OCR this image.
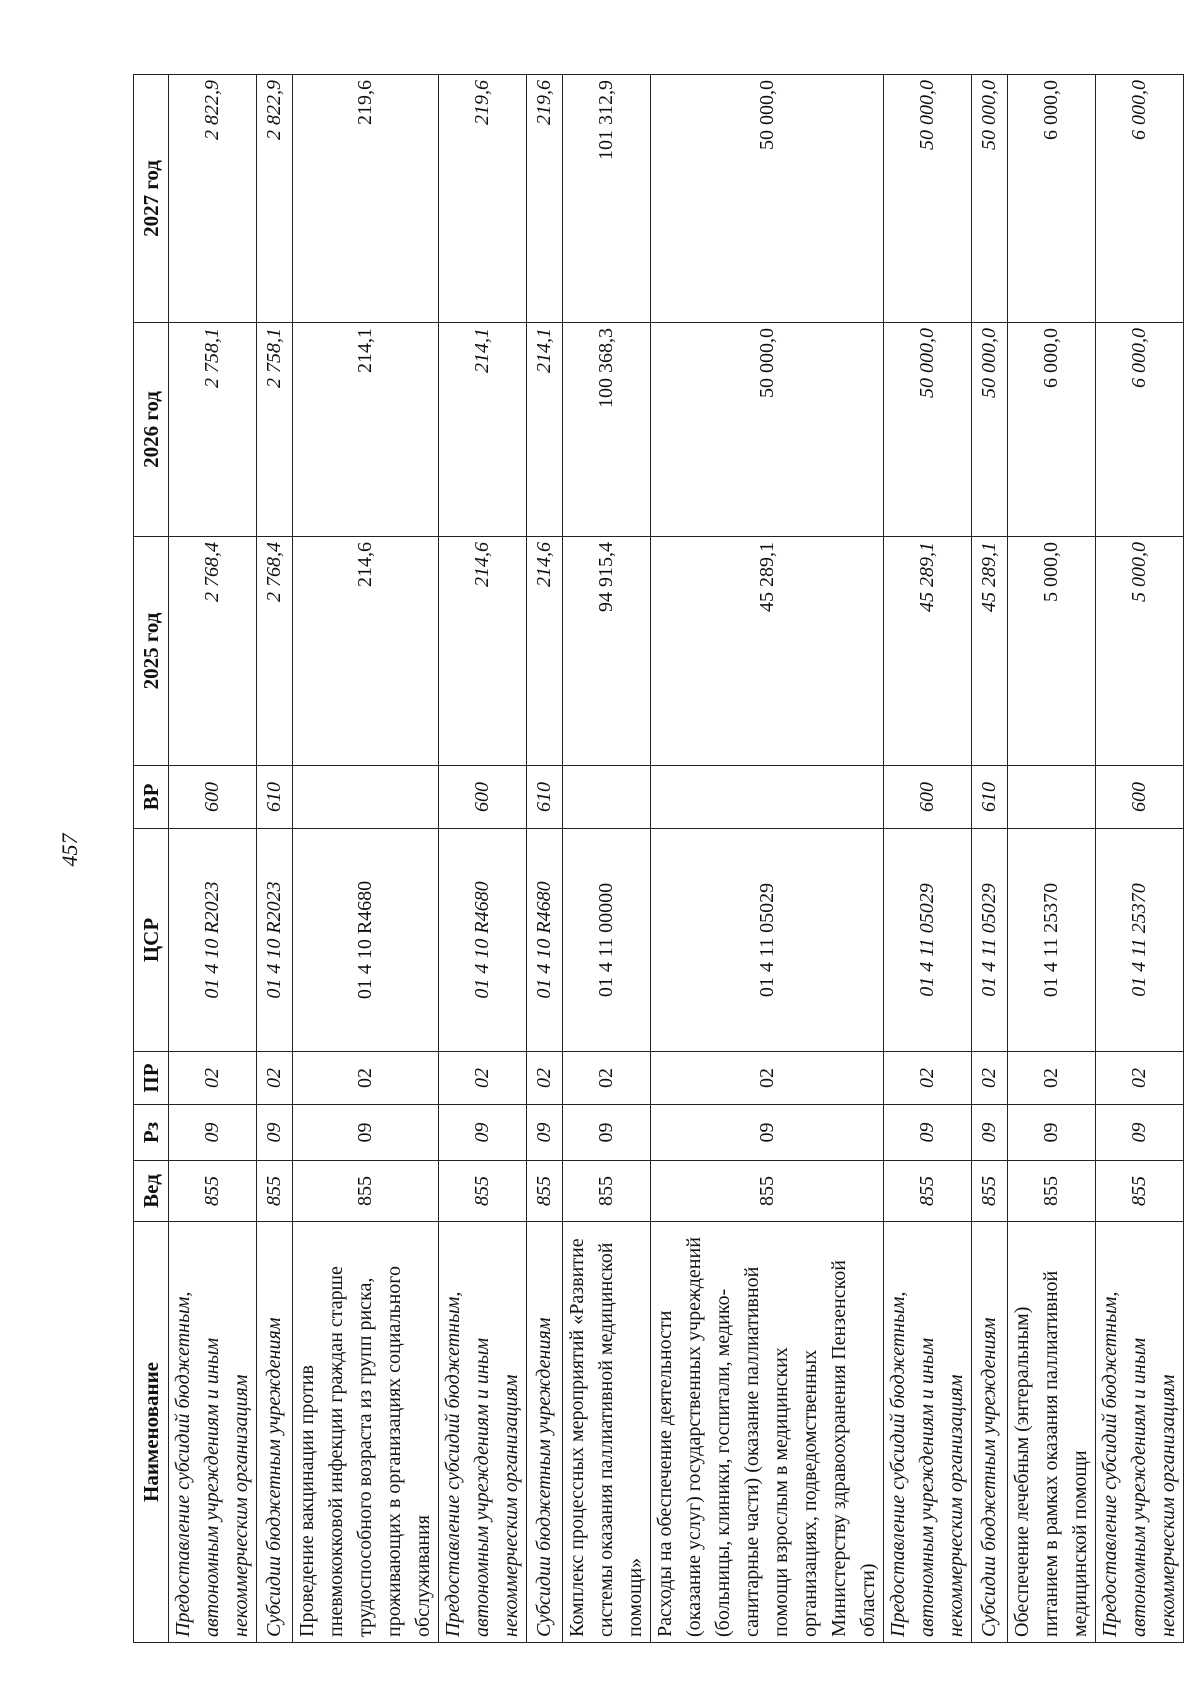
457
Наименование	Вед	Рз	ПР	ЦСР	ВР	2025 год	2026 год	2027 год
Предоставление субсидий бюджетным, автономным учреждениям и иным некоммерческим организациям	855	09	02	01 4 10 R2023	600	2 768,4	2 758,1	2 822,9
Субсидии бюджетным учреждениям	855	09	02	01 4 10 R2023	610	2 768,4	2 758,1	2 822,9
Проведение вакцинации против пневмококковой инфекции граждан старше трудоспособного возраста из групп риска, проживающих в организациях социального обслуживания	855	09	02	01 4 10 R4680		214,6	214,1	219,6
Предоставление субсидий бюджетным, автономным учреждениям и иным некоммерческим организациям	855	09	02	01 4 10 R4680	600	214,6	214,1	219,6
Субсидии бюджетным учреждениям	855	09	02	01 4 10 R4680	610	214,6	214,1	219,6
Комплекс процессных мероприятий «Развитие системы оказания паллиативной медицинской помощи»	855	09	02	01 4 11 00000		94 915,4	100 368,3	101 312,9
Расходы на обеспечение деятельности (оказание услуг) государственных учреждений (больницы, клиники, госпитали, медико-санитарные части) (оказание паллиативной помощи взрослым в медицинских организациях, подведомственных Министерству здравоохранения Пензенской области)	855	09	02	01 4 11 05029		45 289,1	50 000,0	50 000,0
Предоставление субсидий бюджетным, автономным учреждениям и иным некоммерческим организациям	855	09	02	01 4 11 05029	600	45 289,1	50 000,0	50 000,0
Субсидии бюджетным учреждениям	855	09	02	01 4 11 05029	610	45 289,1	50 000,0	50 000,0
Обеспечение лечебным (энтеральным) питанием в рамках оказания паллиативной медицинской помощи	855	09	02	01 4 11 25370		5 000,0	6 000,0	6 000,0
Предоставление субсидий бюджетным, автономным учреждениям и иным некоммерческим организациям	855	09	02	01 4 11 25370	600	5 000,0	6 000,0	6 000,0
